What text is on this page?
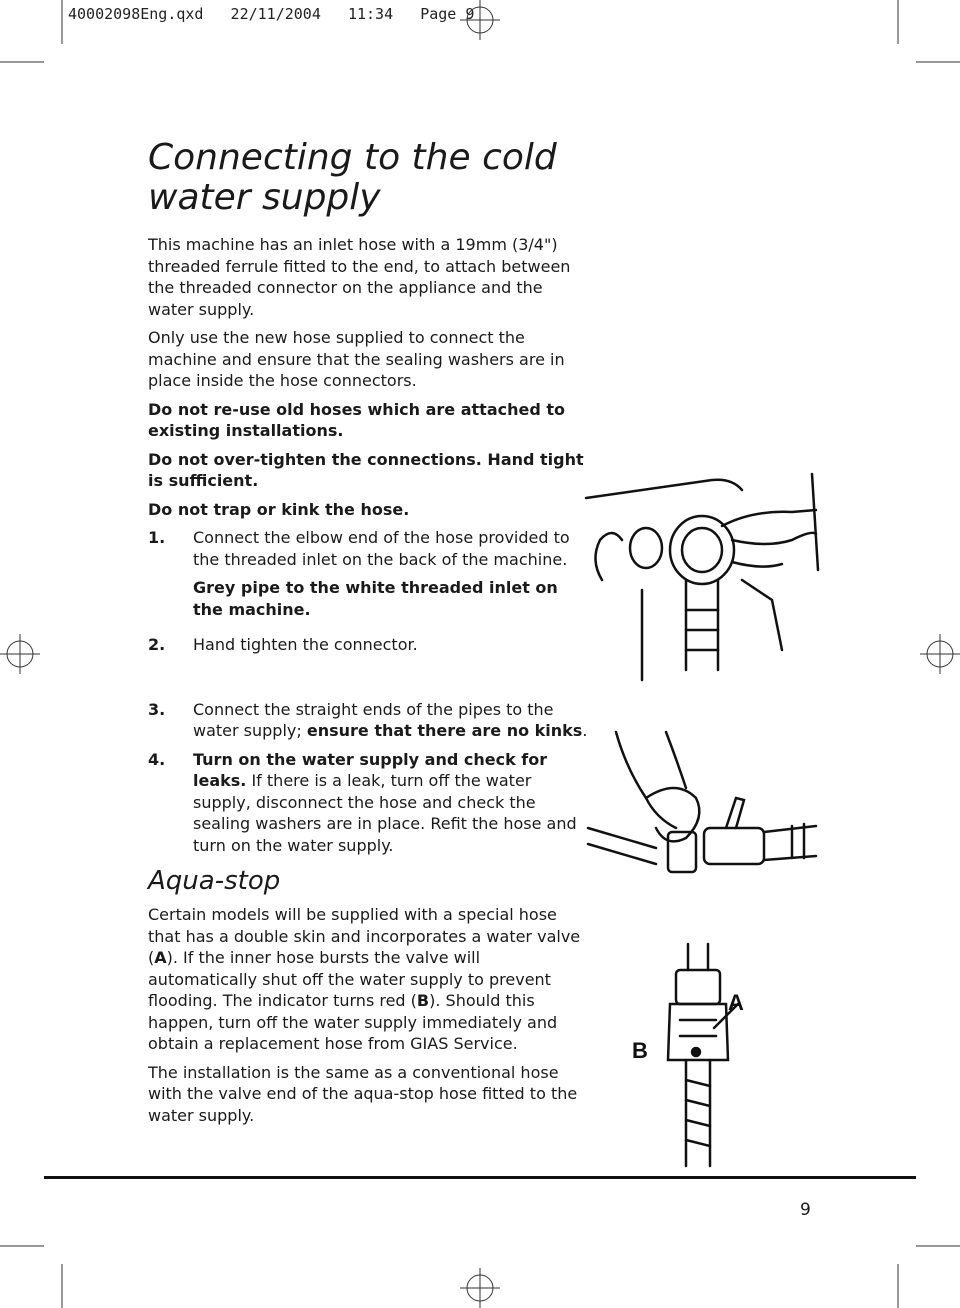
40002098Eng.qxd   22/11/2004   11:34   Page 9
Connecting to the cold water supply

This machine has an inlet hose with a 19mm (3/4") threaded ferrule fitted to the end, to attach between the threaded connector on the appliance and the water supply.

Only use the new hose supplied to connect the machine and ensure that the sealing washers are in place inside the hose connectors.

Do not re-use old hoses which are attached to existing installations.

Do not over-tighten the connections. Hand tight is sufficient.

Do not trap or kink the hose.

1.	Connect the elbow end of the hose provided to the threaded inlet on the back of the machine.

Grey pipe to the white threaded inlet on the machine.

2.	Hand tighten the connector.
3.	Connect the straight ends of the pipes to the water supply; ensure that there are no kinks.
4.	Turn on the water supply and check for leaks. If there is a leak, turn off the water supply, disconnect the hose and check the sealing washers are in place. Refit the hose and turn on the water supply.
Aqua-stop

Certain models will be supplied with a special hose that has a double skin and incorporates a water valve (A). If the inner hose bursts the valve will automatically shut off the water supply to prevent flooding. The indicator turns red (B). Should this happen, turn off the water supply immediately and obtain a replacement hose from GIAS Service.

The installation is the same as a conventional hose with the valve end of the aqua-stop hose fitted to the water supply.

A
B
9
